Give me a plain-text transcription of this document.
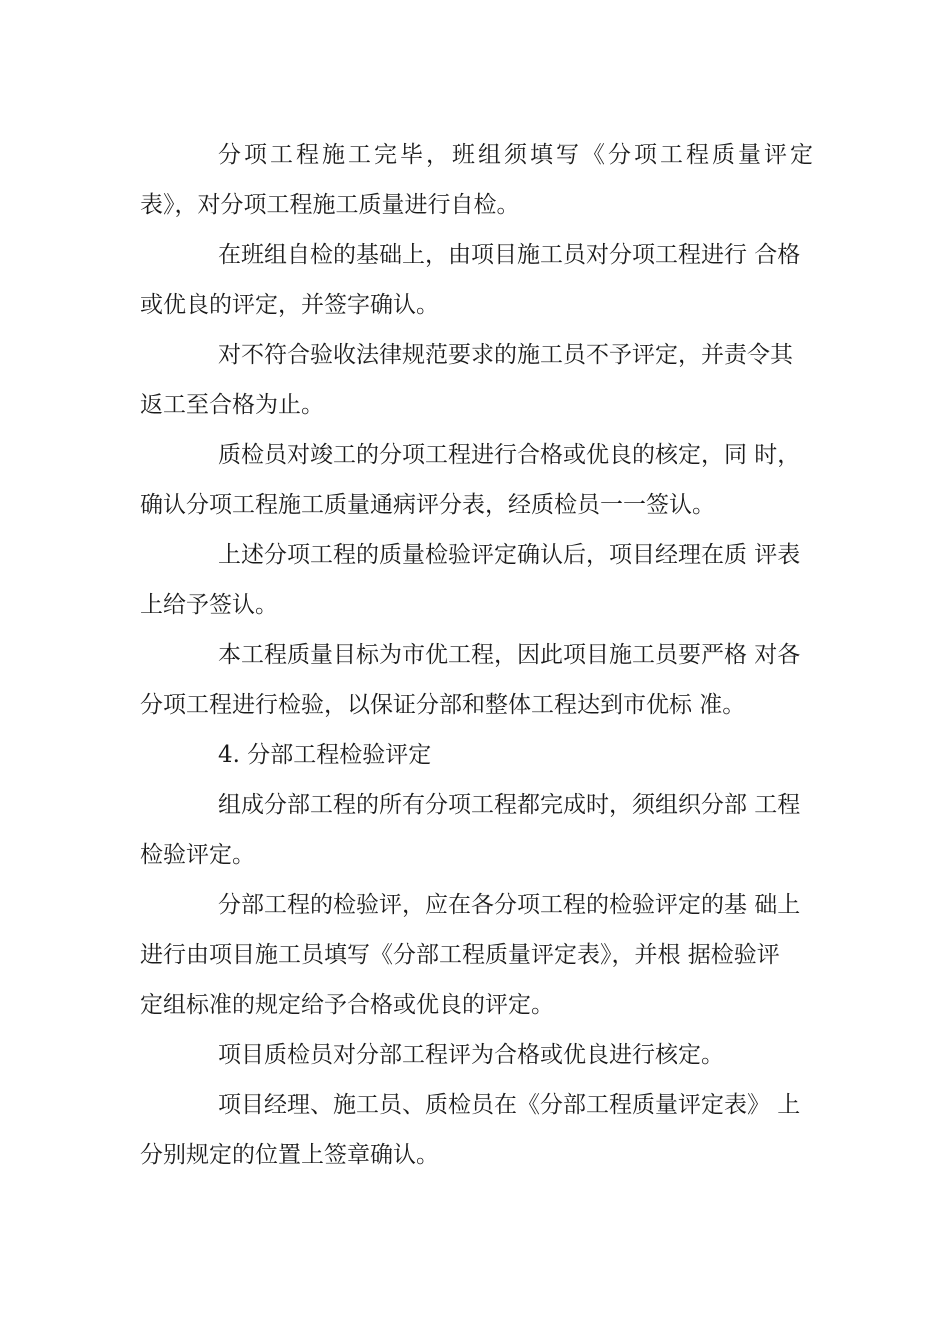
分项工程施工完毕，班组须填写《分项工程质量评定
表》，对分项工程施工质量进行自检。
在班组自检的基础上，由项目施工员对分项工程进行 合格
或优良的评定，并签字确认。
对不符合验收法律规范要求的施工员不予评定，并责令其
返工至合格为止。
质检员对竣工的分项工程进行合格或优良的核定，同 时，
确认分项工程施工质量通病评分表，经质检员一一签认。
上述分项工程的质量检验评定确认后，项目经理在质 评表
上给予签认。
本工程质量目标为市优工程，因此项目施工员要严格 对各
分项工程进行检验，以保证分部和整体工程达到市优标 准。
4. 分部工程检验评定
组成分部工程的所有分项工程都完成时，须组织分部 工程
检验评定。
分部工程的检验评，应在各分项工程的检验评定的基 础上
进行由项目施工员填写《分部工程质量评定表》，并根 据检验评
定组标准的规定给予合格或优良的评定。
项目质检员对分部工程评为合格或优良进行核定。
项目经理、施工员、质检员在《分部工程质量评定表》 上
分别规定的位置上签章确认。
